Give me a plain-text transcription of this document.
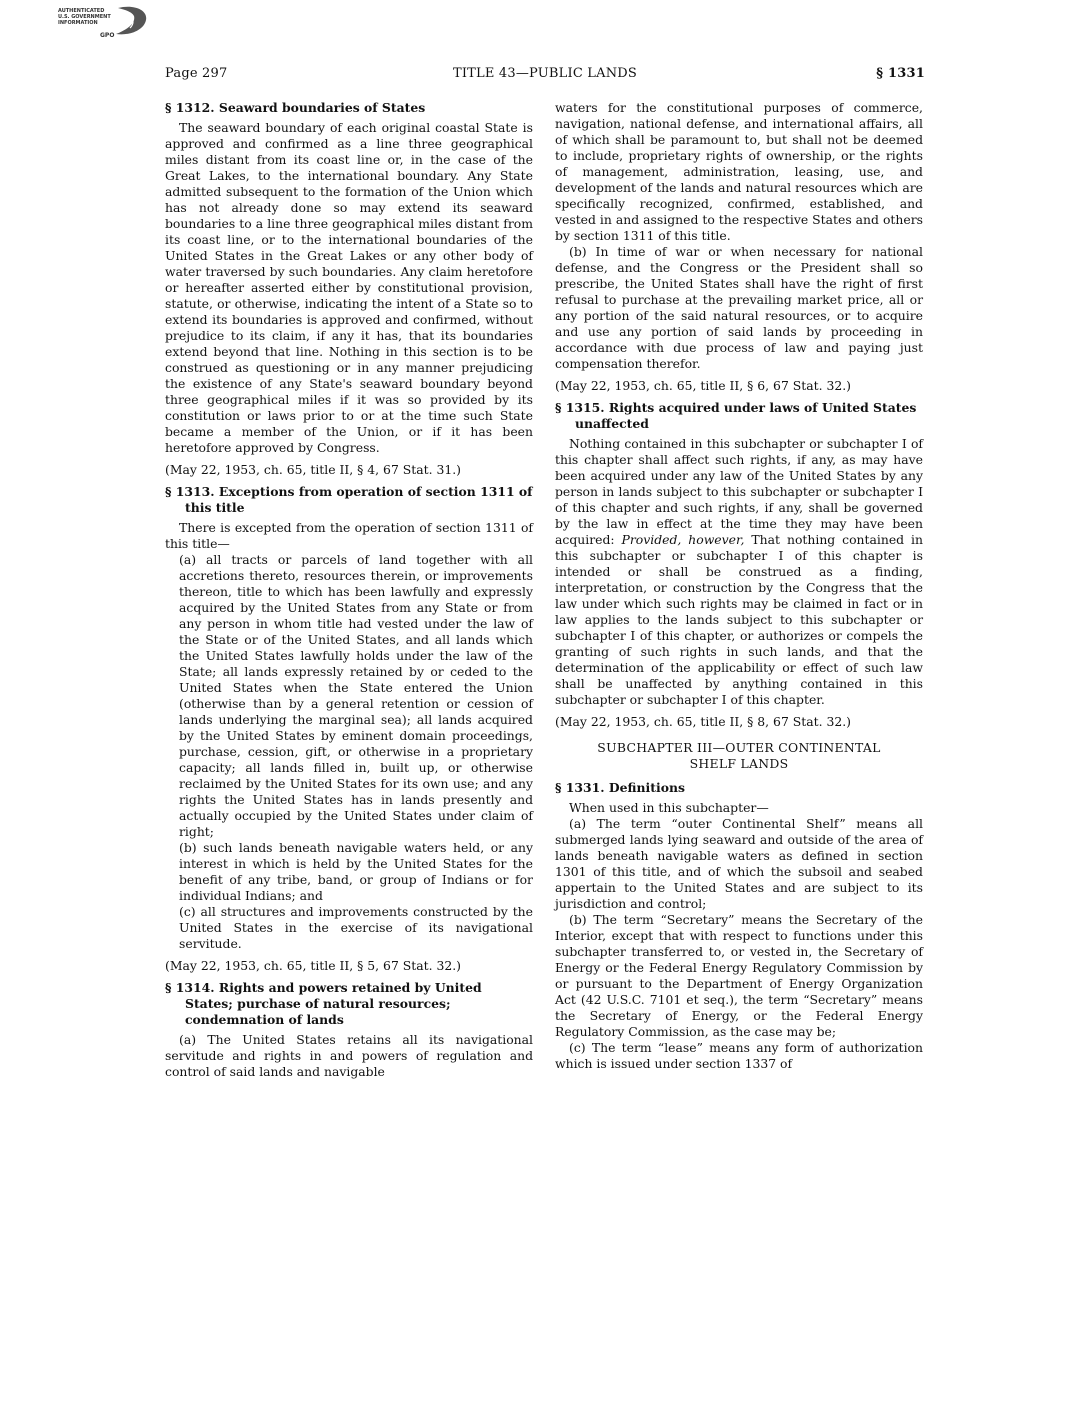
AUTHENTICATED
U.S. GOVERNMENT
INFORMATION
GPO
Page 297	TITLE 43—PUBLIC LANDS	§ 1331

§ 1312. Seaward boundaries of States

The seaward boundary of each original coastal State is approved and confirmed as a line three geographical miles distant from its coast line or, in the case of the Great Lakes, to the international boundary. Any State admitted subsequent to the formation of the Union which has not already done so may extend its seaward boundaries to a line three geographical miles distant from its coast line, or to the international boundaries of the United States in the Great Lakes or any other body of water traversed by such boundaries. Any claim heretofore or hereafter asserted either by constitutional provision, statute, or otherwise, indicating the intent of a State so to extend its boundaries is approved and confirmed, without prejudice to its claim, if any it has, that its boundaries extend beyond that line. Nothing in this section is to be construed as questioning or in any manner prejudicing the existence of any State's seaward boundary beyond three geographical miles if it was so provided by its constitution or laws prior to or at the time such State became a member of the Union, or if it has been heretofore approved by Congress.

(May 22, 1953, ch. 65, title II, § 4, 67 Stat. 31.)

§ 1313. Exceptions from operation of section 1311 of this title

There is excepted from the operation of section 1311 of this title—

(a) all tracts or parcels of land together with all accretions thereto, resources therein, or improvements thereon, title to which has been lawfully and expressly acquired by the United States from any State or from any person in whom title had vested under the law of the State or of the United States, and all lands which the United States lawfully holds under the law of the State; all lands expressly retained by or ceded to the United States when the State entered the Union (otherwise than by a general retention or cession of lands underlying the marginal sea); all lands acquired by the United States by eminent domain proceedings, purchase, cession, gift, or otherwise in a proprietary capacity; all lands filled in, built up, or otherwise reclaimed by the United States for its own use; and any rights the United States has in lands presently and actually occupied by the United States under claim of right;

(b) such lands beneath navigable waters held, or any interest in which is held by the United States for the benefit of any tribe, band, or group of Indians or for individual Indians; and

(c) all structures and improvements constructed by the United States in the exercise of its navigational servitude.

(May 22, 1953, ch. 65, title II, § 5, 67 Stat. 32.)

§ 1314. Rights and powers retained by United States; purchase of natural resources; condemnation of lands

(a) The United States retains all its navigational servitude and rights in and powers of regulation and control of said lands and navigable

waters for the constitutional purposes of commerce, navigation, national defense, and international affairs, all of which shall be paramount to, but shall not be deemed to include, proprietary rights of ownership, or the rights of management, administration, leasing, use, and development of the lands and natural resources which are specifically recognized, confirmed, established, and vested in and assigned to the respective States and others by section 1311 of this title.

(b) In time of war or when necessary for national defense, and the Congress or the President shall so prescribe, the United States shall have the right of first refusal to purchase at the prevailing market price, all or any portion of the said natural resources, or to acquire and use any portion of said lands by proceeding in accordance with due process of law and paying just compensation therefor.

(May 22, 1953, ch. 65, title II, § 6, 67 Stat. 32.)

§ 1315. Rights acquired under laws of United States unaffected

Nothing contained in this subchapter or subchapter I of this chapter shall affect such rights, if any, as may have been acquired under any law of the United States by any person in lands subject to this subchapter or subchapter I of this chapter and such rights, if any, shall be governed by the law in effect at the time they may have been acquired: Provided, however, That nothing contained in this subchapter or subchapter I of this chapter is intended or shall be construed as a finding, interpretation, or construction by the Congress that the law under which such rights may be claimed in fact or in law applies to the lands subject to this subchapter or subchapter I of this chapter, or authorizes or compels the granting of such rights in such lands, and that the determination of the applicability or effect of such law shall be unaffected by anything contained in this subchapter or subchapter I of this chapter.

(May 22, 1953, ch. 65, title II, § 8, 67 Stat. 32.)

SUBCHAPTER III—OUTER CONTINENTAL
SHELF LANDS

§ 1331. Definitions

When used in this subchapter—

(a) The term “outer Continental Shelf” means all submerged lands lying seaward and outside of the area of lands beneath navigable waters as defined in section 1301 of this title, and of which the subsoil and seabed appertain to the United States and are subject to its jurisdiction and control;

(b) The term “Secretary” means the Secretary of the Interior, except that with respect to functions under this subchapter transferred to, or vested in, the Secretary of Energy or the Federal Energy Regulatory Commission by or pursuant to the Department of Energy Organization Act (42 U.S.C. 7101 et seq.), the term “Secretary” means the Secretary of Energy, or the Federal Energy Regulatory Commission, as the case may be;

(c) The term “lease” means any form of authorization which is issued under section 1337 of
